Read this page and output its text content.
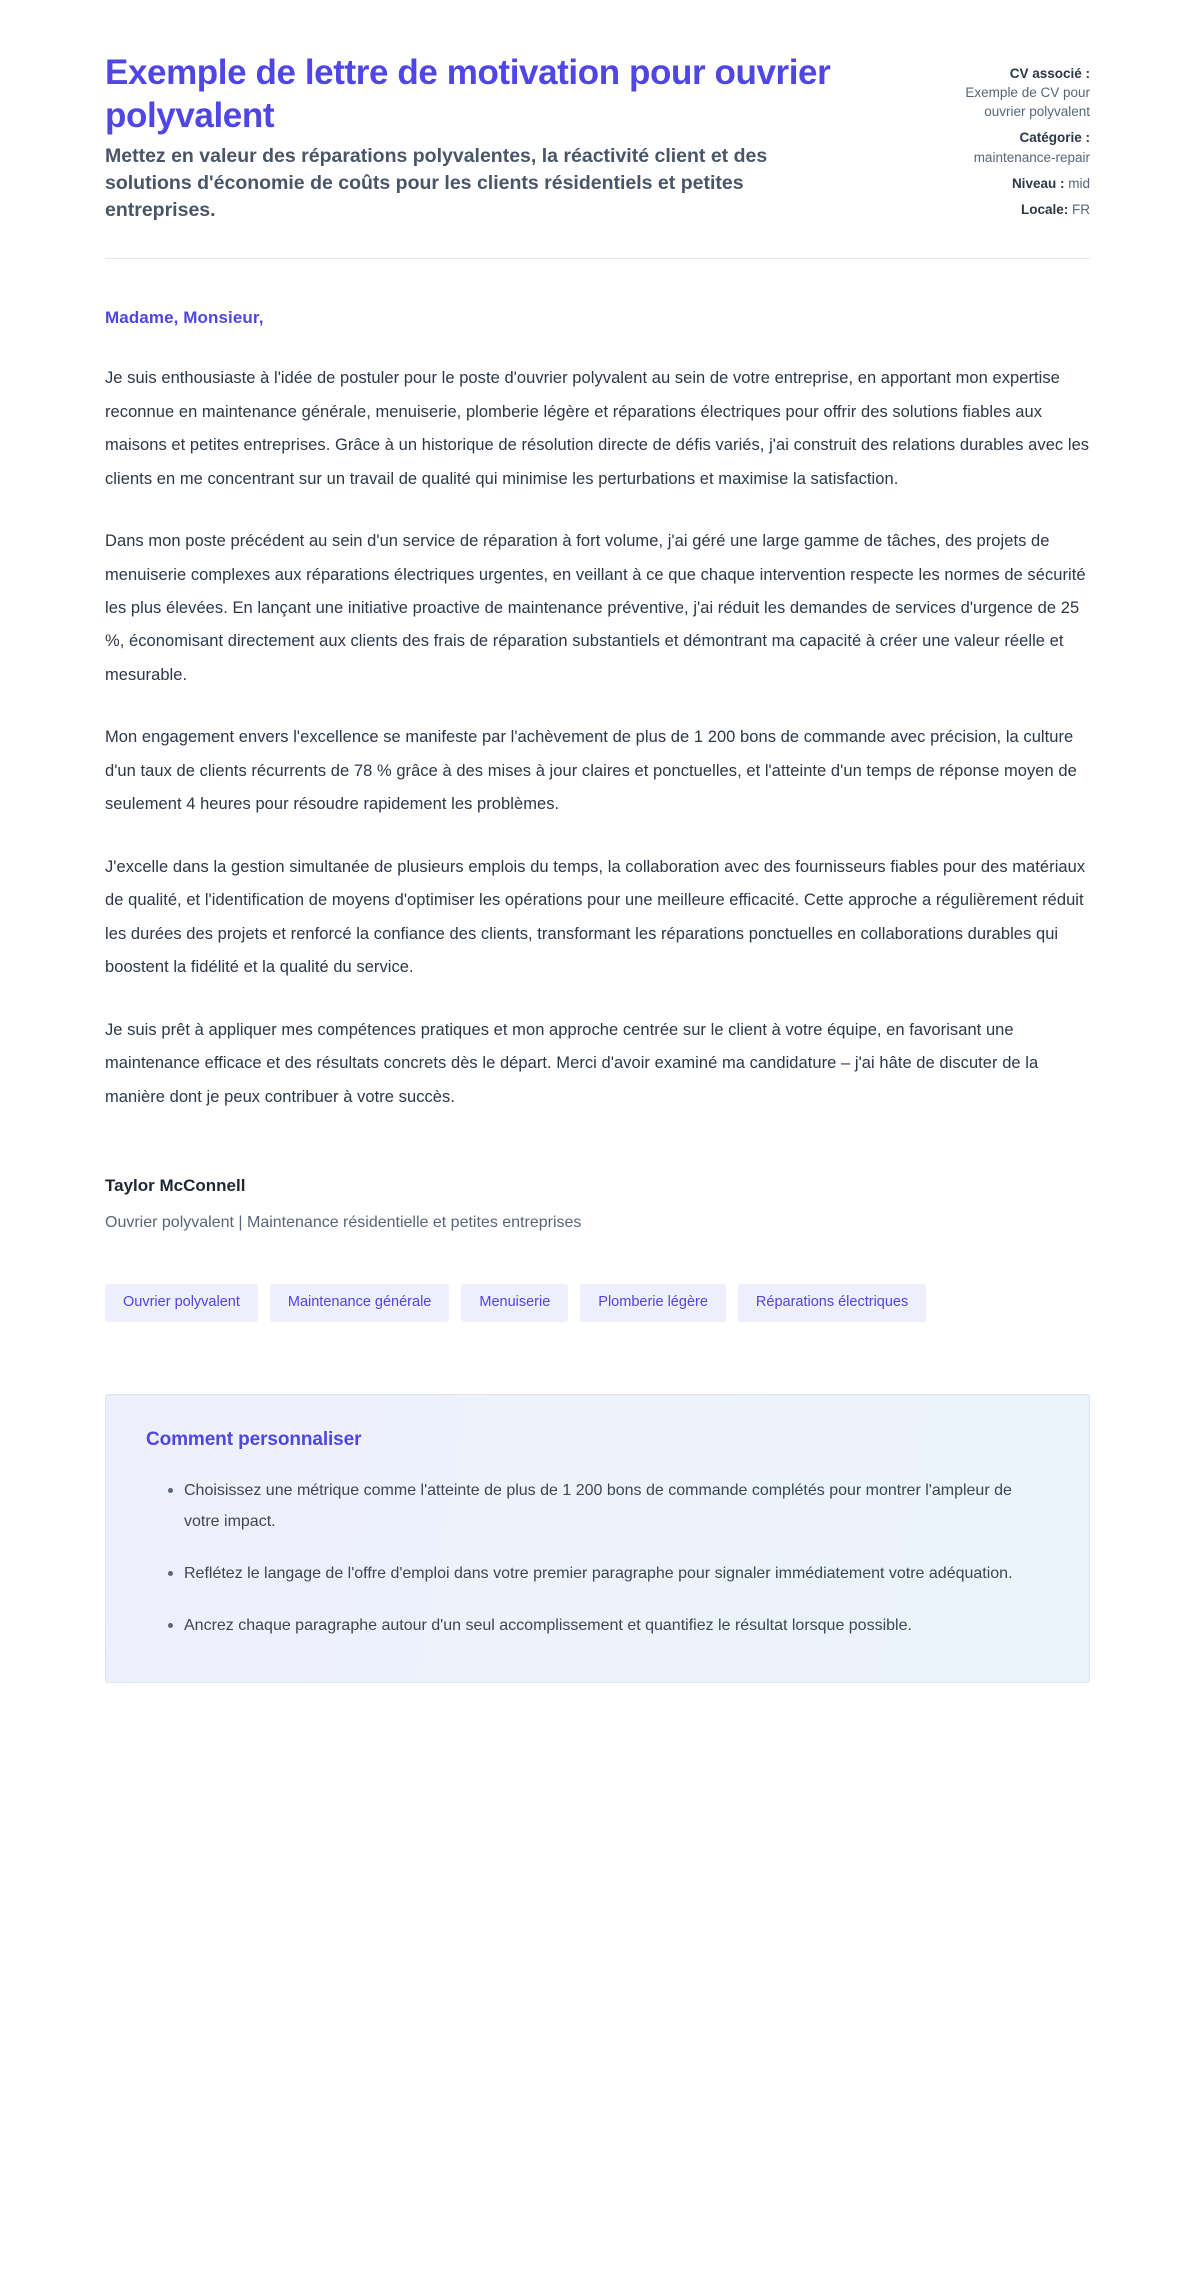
Exemple de lettre de motivation pour ouvrier polyvalent

Mettez en valeur des réparations polyvalentes, la réactivité client et des solutions d'économie de coûts pour les clients résidentiels et petites entreprises.

CV associé :
Exemple de CV pour ouvrier polyvalent
Catégorie :
maintenance-repair
Niveau : mid
Locale: FR

Madame, Monsieur,

Je suis enthousiaste à l'idée de postuler pour le poste d'ouvrier polyvalent au sein de votre entreprise, en apportant mon expertise reconnue en maintenance générale, menuiserie, plomberie légère et réparations électriques pour offrir des solutions fiables aux maisons et petites entreprises. Grâce à un historique de résolution directe de défis variés, j'ai construit des relations durables avec les clients en me concentrant sur un travail de qualité qui minimise les perturbations et maximise la satisfaction.

Dans mon poste précédent au sein d'un service de réparation à fort volume, j'ai géré une large gamme de tâches, des projets de menuiserie complexes aux réparations électriques urgentes, en veillant à ce que chaque intervention respecte les normes de sécurité les plus élevées. En lançant une initiative proactive de maintenance préventive, j'ai réduit les demandes de services d'urgence de 25 %, économisant directement aux clients des frais de réparation substantiels et démontrant ma capacité à créer une valeur réelle et mesurable.

Mon engagement envers l'excellence se manifeste par l'achèvement de plus de 1 200 bons de commande avec précision, la culture d'un taux de clients récurrents de 78 % grâce à des mises à jour claires et ponctuelles, et l'atteinte d'un temps de réponse moyen de seulement 4 heures pour résoudre rapidement les problèmes.

J'excelle dans la gestion simultanée de plusieurs emplois du temps, la collaboration avec des fournisseurs fiables pour des matériaux de qualité, et l'identification de moyens d'optimiser les opérations pour une meilleure efficacité. Cette approche a régulièrement réduit les durées des projets et renforcé la confiance des clients, transformant les réparations ponctuelles en collaborations durables qui boostent la fidélité et la qualité du service.

Je suis prêt à appliquer mes compétences pratiques et mon approche centrée sur le client à votre équipe, en favorisant une maintenance efficace et des résultats concrets dès le départ. Merci d'avoir examiné ma candidature – j'ai hâte de discuter de la manière dont je peux contribuer à votre succès.

Taylor McConnell

Ouvrier polyvalent | Maintenance résidentielle et petites entreprises

Ouvrier polyvalent	Maintenance générale	Menuiserie	Plomberie légère	Réparations électriques
Comment personnaliser
Choisissez une métrique comme l'atteinte de plus de 1 200 bons de commande complétés pour montrer l'ampleur de votre impact.
Reflétez le langage de l'offre d'emploi dans votre premier paragraphe pour signaler immédiatement votre adéquation.
Ancrez chaque paragraphe autour d'un seul accomplissement et quantifiez le résultat lorsque possible.
